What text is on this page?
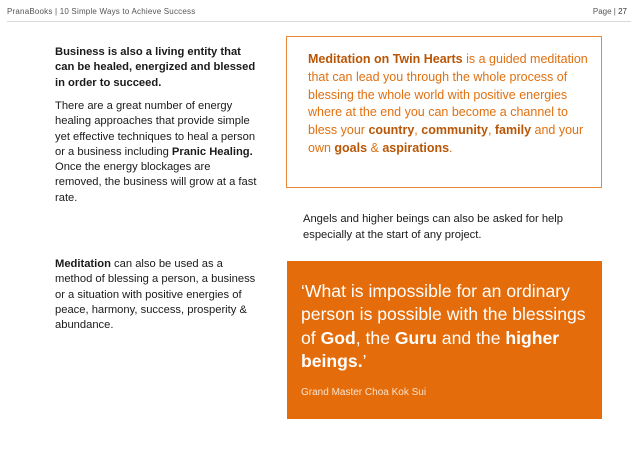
PranaBooks | 10 Simple Ways to Achieve Success	Page | 27
Business is also a living entity that can be healed, energized and blessed in order to succeed.
There are a great number of energy healing approaches that provide simple yet effective techniques to heal a person or a business including Pranic Healing. Once the energy blockages are removed, the business will grow at a fast rate.
Meditation can also be used as a method of blessing a person, a business or a situation with positive energies of peace, harmony, success, prosperity & abundance.
Meditation on Twin Hearts is a guided meditation that can lead you through the whole process of blessing the whole world with positive energies where at the end you can become a channel to bless your country, community, family and your own goals & aspirations.
Angels and higher beings can also be asked for help especially at the start of any project.
‘What is impossible for an ordinary person is possible with the blessings of God, the Guru and the higher beings.’
Grand Master Choa Kok Sui
